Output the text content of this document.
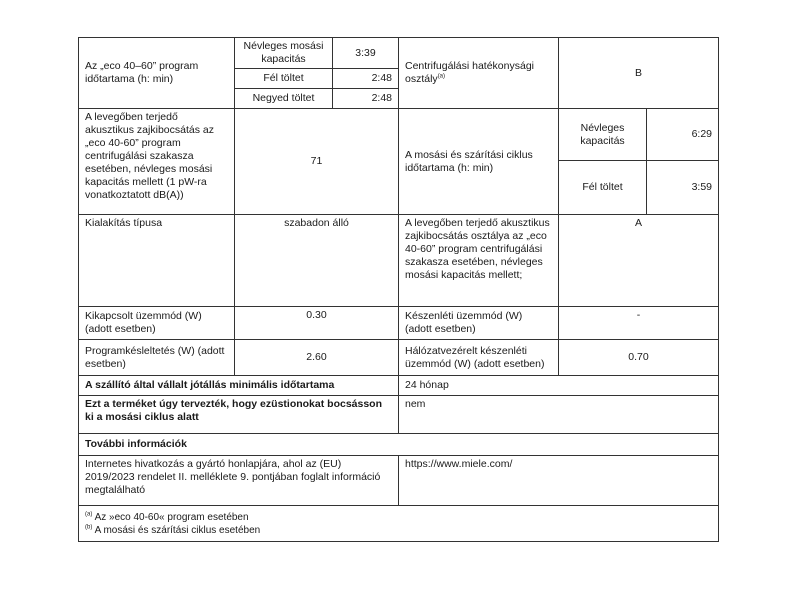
Az „eco 40–60” program időtartama (h: min)	Névleges mosási kapacitás	3:39	Centrifugálási hatékonysági osztály$^{(a)}$	B	
	Fél töltet	2:48			
	Negyed töltet	2:48			
A levegőben terjedő akusztikus zajkibocsátás az „eco 40-60” program centrifugálási szakasza esetében, névleges mosási kapacitás mellett (1 pW-ra vonatkoztatott dB(A))	71		A mosási és szárítási ciklus időtartama (h: min)	Névleges kapacitás	6:29
				Fél töltet	3:59
Kialakítás típusa	szabadon álló		A levegőben terjedő akusztikus zajkibocsátás osztálya az „eco 40-60” program centrifugálási szakasza esetében, névleges mosási kapacitás mellett;	A	
Kikapcsolt üzemmód (W) (adott esetben)	0.30		Készenléti üzemmód (W) (adott esetben)	-	
Programkésleltetés (W) (adott esetben)	2.60		Hálózatvezérelt készenléti üzemmód (W) (adott esetben)	0.70	
A szállító által vállalt jótállás minimális időtartama			24 hónap		
Ezt a terméket úgy tervezték, hogy ezüstionokat bocsásson ki a mosási ciklus alatt			nem		
További információk					
Internetes hivatkozás a gyártó honlapjára, ahol az (EU) 2019/2023 rendelet II. melléklete 9. pontjában foglalt információ megtalálható			https://www.miele.com/		

$^{(a)}$ Az »eco 40-60« program esetében
$^{(b)}$ A mosási és szárítási ciklus esetében					
